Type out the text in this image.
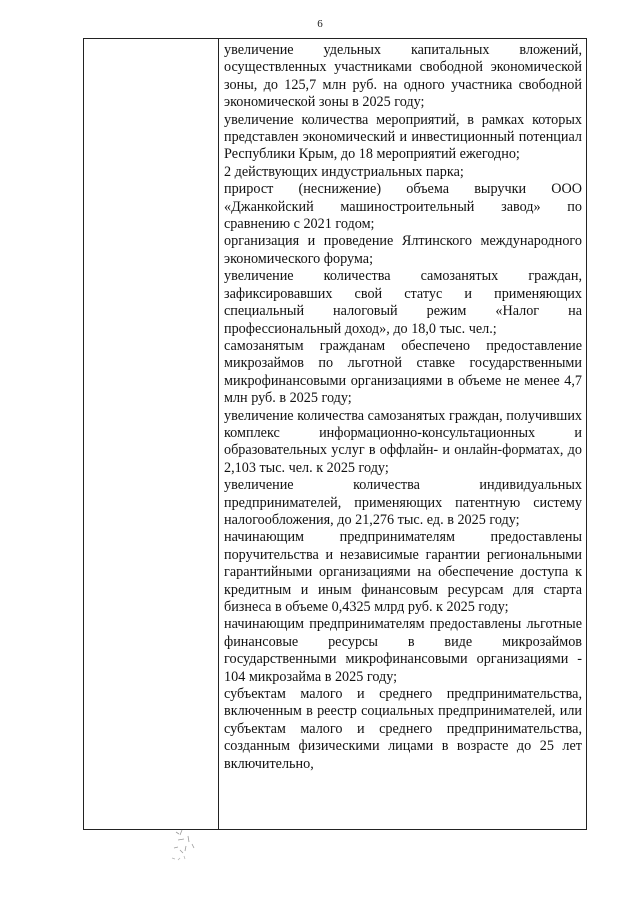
6

увеличение удельных капитальных вложений, осуществленных участниками свободной экономической зоны, до 125,7 млн руб. на одного участника свободной экономической зоны в 2025 году;

увеличение количества мероприятий, в рамках которых представлен экономический и инвестиционный потенциал Республики Крым, до 18 мероприятий ежегодно;

2 действующих индустриальных парка;

прирост (неснижение) объема выручки ООО «Джанкойский машиностроительный завод» по сравнению с 2021 годом;

организация и проведение Ялтинского международного экономического форума;

увеличение количества самозанятых граждан, зафиксировавших свой статус и применяющих специальный налоговый режим «Налог на профессиональный доход», до 18,0 тыс. чел.;

самозанятым гражданам обеспечено предоставление микрозаймов по льготной ставке государственными микрофинансовыми организациями в объеме не менее 4,7 млн руб. в 2025 году;

увеличение количества самозанятых граждан, получивших комплекс информационно-консультационных и образовательных услуг в оффлайн- и онлайн-форматах, до 2,103 тыс. чел. к 2025 году;

увеличение количества индивидуальных предпринимателей, применяющих патентную систему налогообложения, до 21,276 тыс. ед. в 2025 году;

начинающим предпринимателям предоставлены поручительства и независимые гарантии региональными гарантийными организациями на обеспечение доступа к кредитным и иным финансовым ресурсам для старта бизнеса в объеме 0,4325 млрд руб. к 2025 году;

начинающим предпринимателям предоставлены льготные финансовые ресурсы в виде микрозаймов государственными микрофинансовыми организациями - 104 микрозайма в 2025 году;

субъектам малого и среднего предпринимательства, включенным в реестр социальных предпринимателей, или субъектам малого и среднего предпринимательства, созданным физическими лицами в возрасте до 25 лет включительно,
